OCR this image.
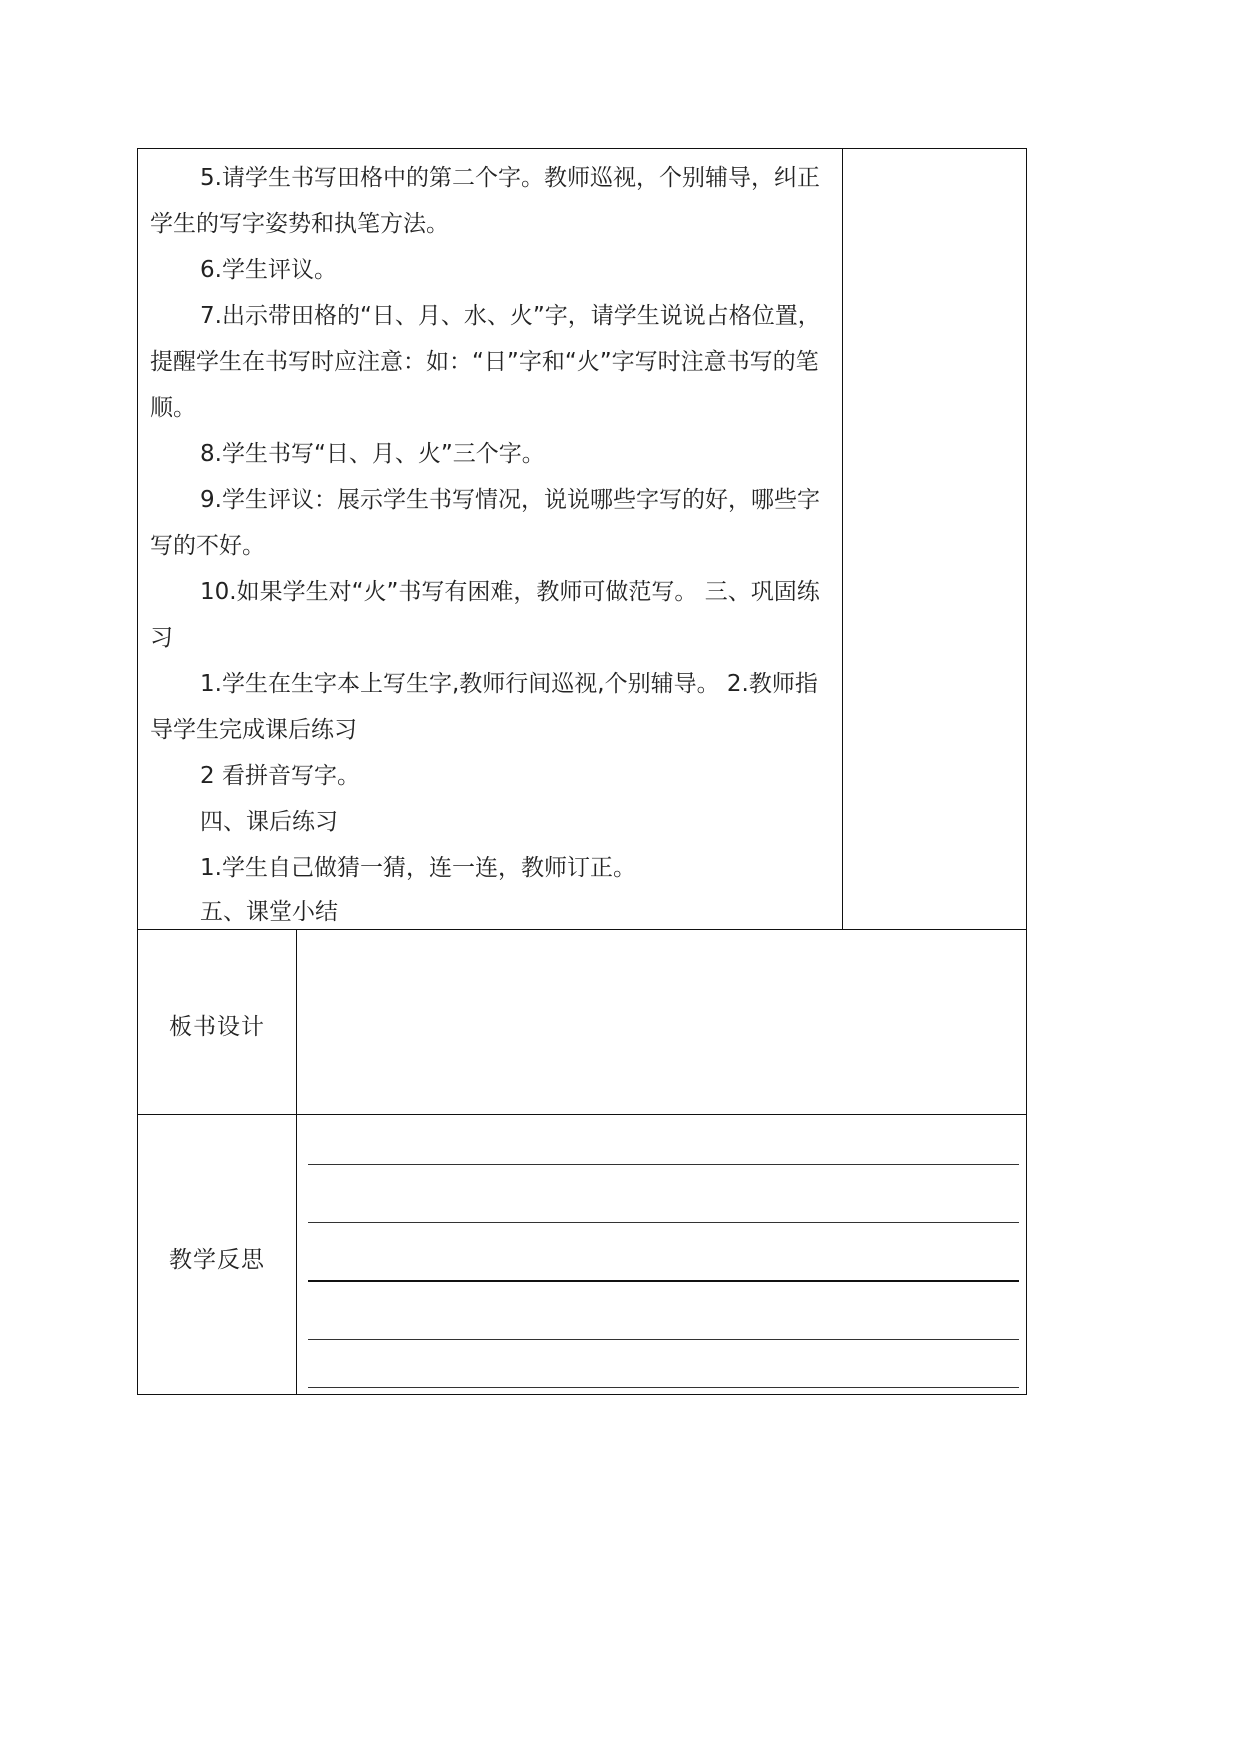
5.请学生书写田格中的第二个字。教师巡视，个别辅导，纠正学生的写字姿势和执笔方法。
6.学生评议。
7.出示带田格的“日、月、水、火”字，请学生说说占格位置，提醒学生在书写时应注意：如：“日”字和“火”字写时注意书写的笔顺。
8.学生书写“日、月、火”三个字。
9.学生评议：展示学生书写情况，说说哪些字写的好，哪些字写的不好。
10.如果学生对“火”书写有困难，教师可做范写。 三、巩固练习
1.学生在生字本上写生字,教师行间巡视,个别辅导。 2.教师指导学生完成课后练习
2 看拼音写字。
四、课后练习
1.学生自己做猜一猜，连一连，教师订正。
五、课堂小结
板书设计
教学反思
